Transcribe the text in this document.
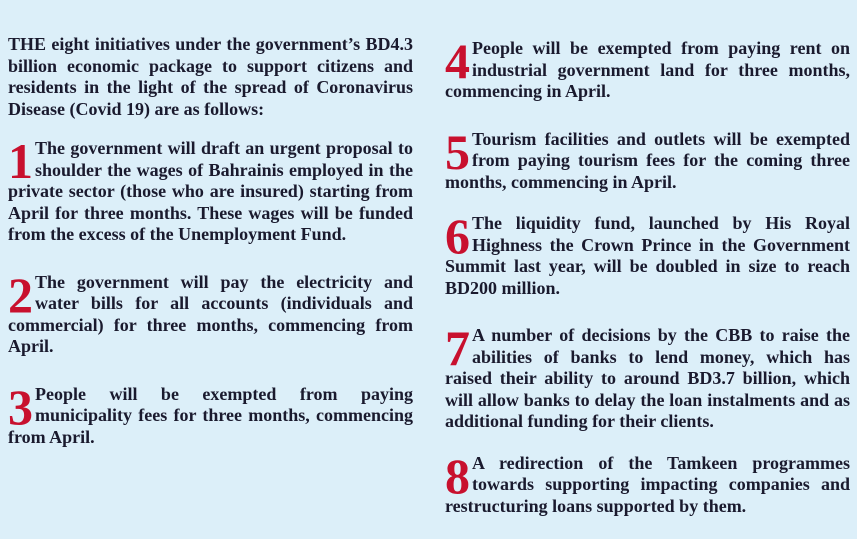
THE eight initiatives under the government’s BD4.3 billion economic package to support citizens and residents in the light of the spread of Coronavirus Disease (Covid 19) are as follows:

1 The government will draft an urgent proposal to shoulder the wages of Bahrainis employed in the private sector (those who are insured) starting from April for three months. These wages will be funded from the excess of the Unemployment Fund.
2 The government will pay the electricity and water bills for all accounts (individuals and commercial) for three months, commencing from April.
3 People will be exempted from paying municipality fees for three months, commencing from April.
4 People will be exempted from paying rent on industrial government land for three months, commencing in April.
5 Tourism facilities and outlets will be exempted from paying tourism fees for the coming three months, commencing in April.
6 The liquidity fund, launched by His Royal Highness the Crown Prince in the Government Summit last year, will be doubled in size to reach BD200 million.
7 A number of decisions by the CBB to raise the abilities of banks to lend money, which has raised their ability to around BD3.7 billion, which will allow banks to delay the loan instalments and as additional funding for their clients.
8 A redirection of the Tamkeen programmes towards supporting impacting companies and restructuring loans supported by them.
